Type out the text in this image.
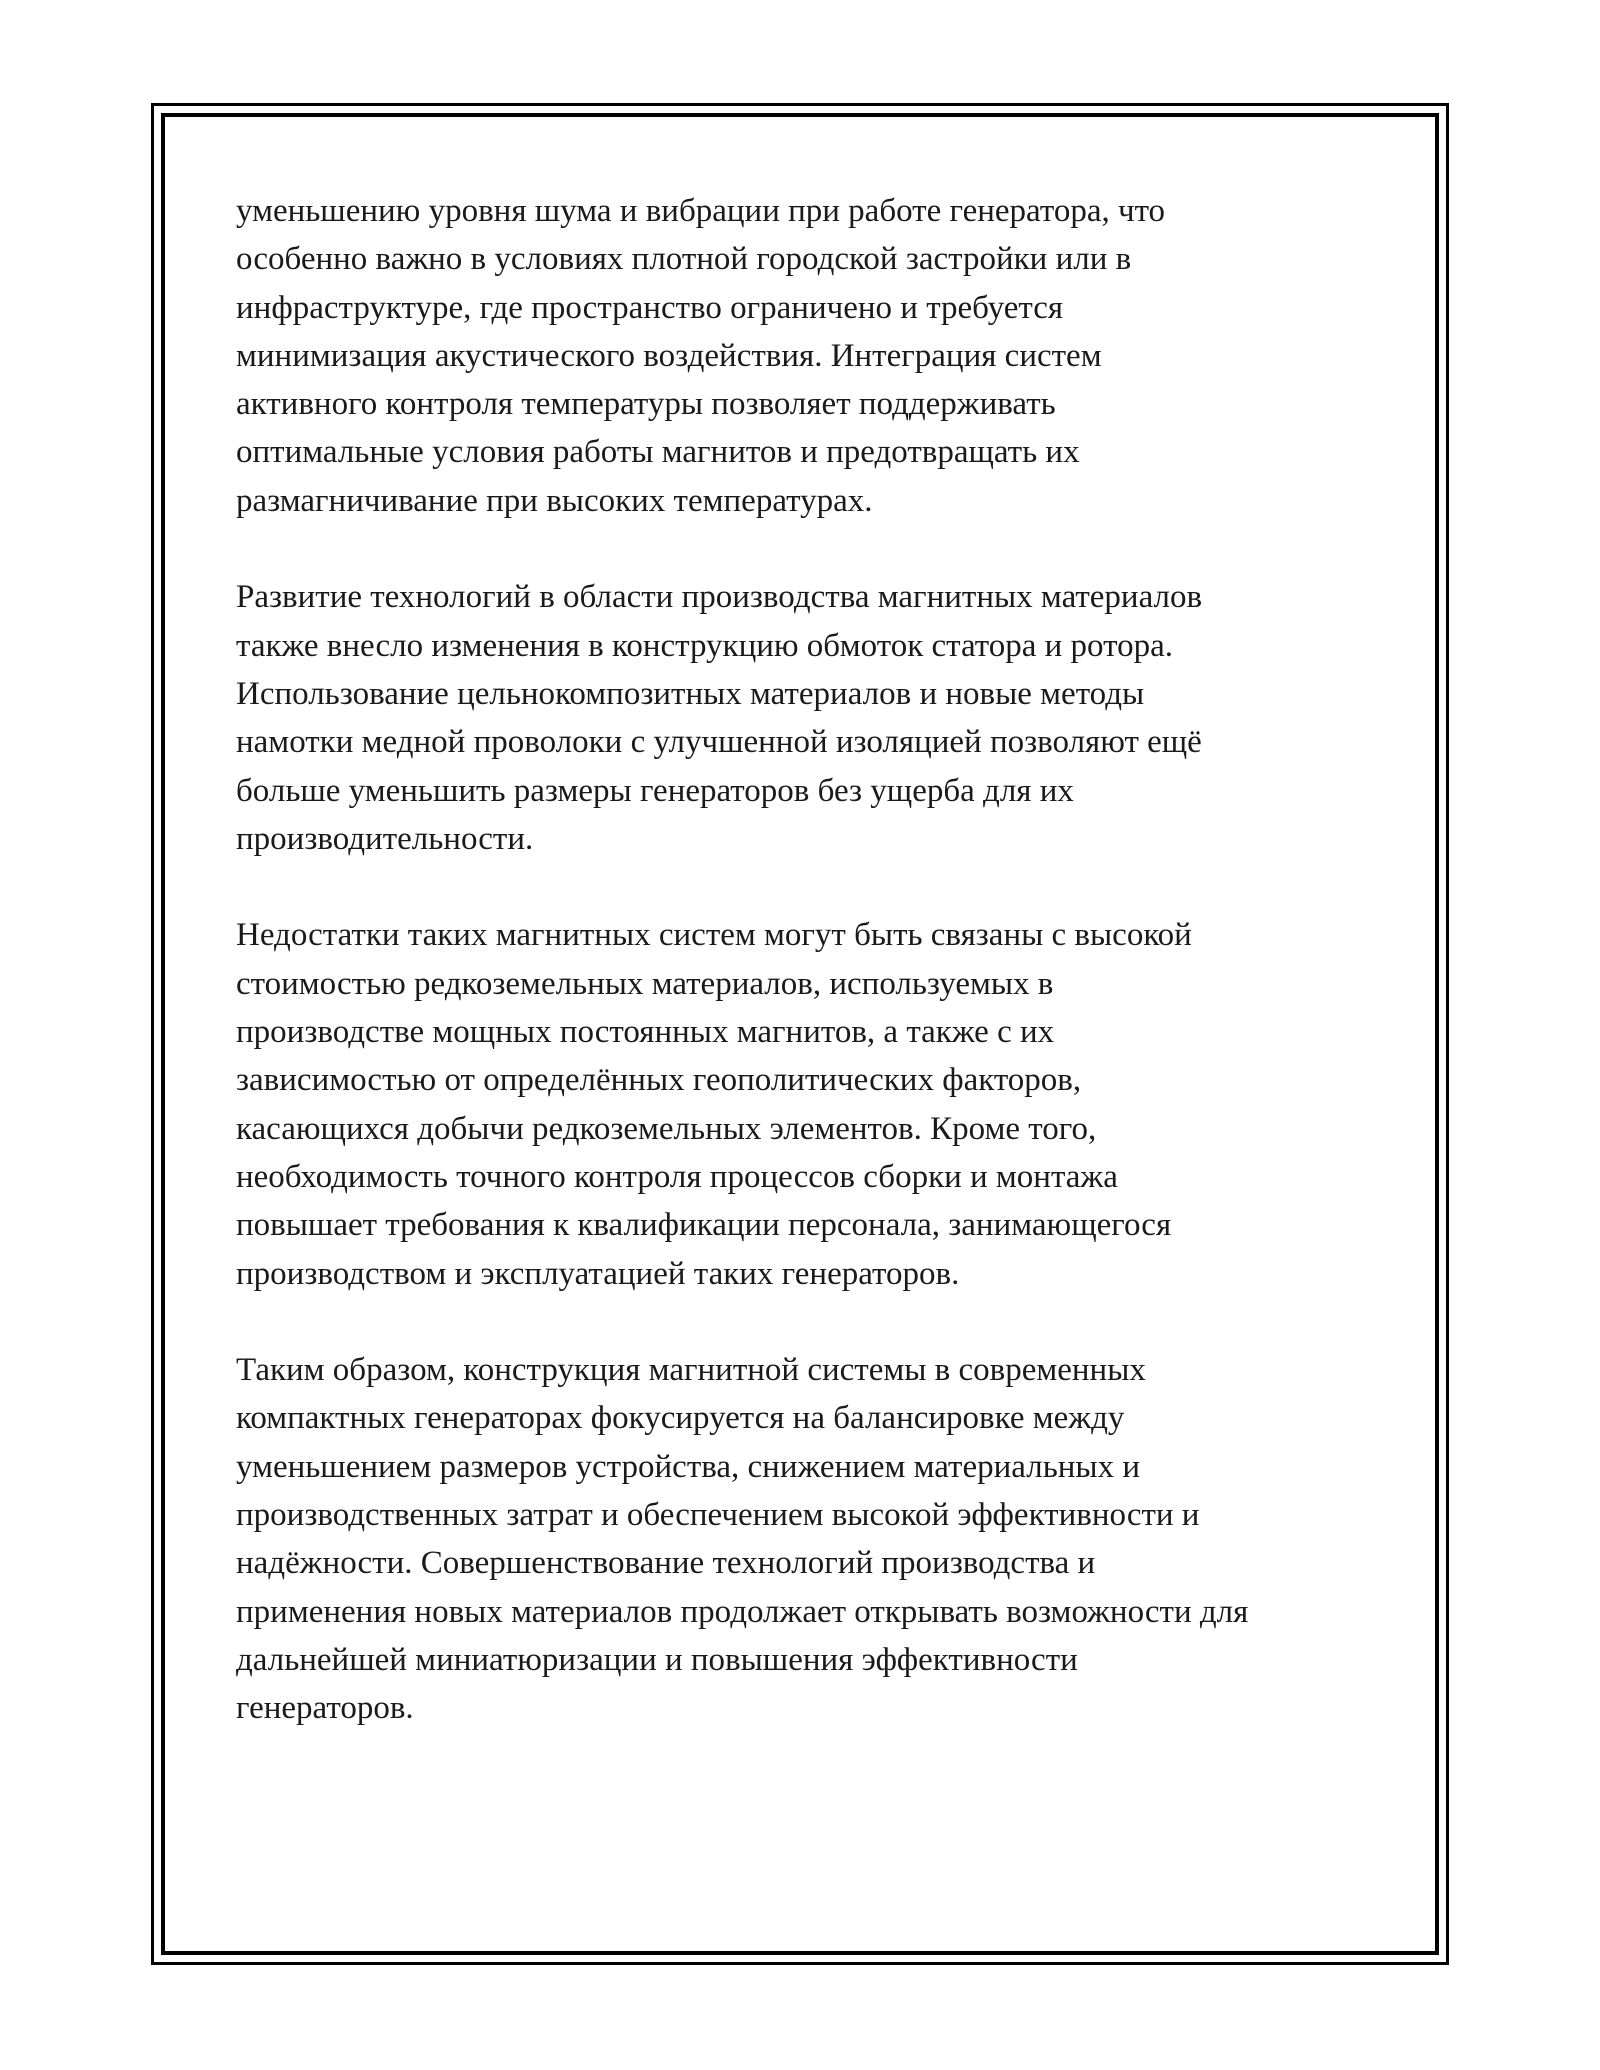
уменьшению уровня шума и вибрации при работе генератора, что
особенно важно в условиях плотной городской застройки или в
инфраструктуре, где пространство ограничено и требуется
минимизация акустического воздействия. Интеграция систем
активного контроля температуры позволяет поддерживать
оптимальные условия работы магнитов и предотвращать их
размагничивание при высоких температурах.

Развитие технологий в области производства магнитных материалов
также внесло изменения в конструкцию обмоток статора и ротора.
Использование цельнокомпозитных материалов и новые методы
намотки медной проволоки с улучшенной изоляцией позволяют ещё
больше уменьшить размеры генераторов без ущерба для их
производительности.

Недостатки таких магнитных систем могут быть связаны с высокой
стоимостью редкоземельных материалов, используемых в
производстве мощных постоянных магнитов, а также с их
зависимостью от определённых геополитических факторов,
касающихся добычи редкоземельных элементов. Кроме того,
необходимость точного контроля процессов сборки и монтажа
повышает требования к квалификации персонала, занимающегося
производством и эксплуатацией таких генераторов.

Таким образом, конструкция магнитной системы в современных
компактных генераторах фокусируется на балансировке между
уменьшением размеров устройства, снижением материальных и
производственных затрат и обеспечением высокой эффективности и
надёжности. Совершенствование технологий производства и
применения новых материалов продолжает открывать возможности для
дальнейшей миниатюризации и повышения эффективности
генераторов.
